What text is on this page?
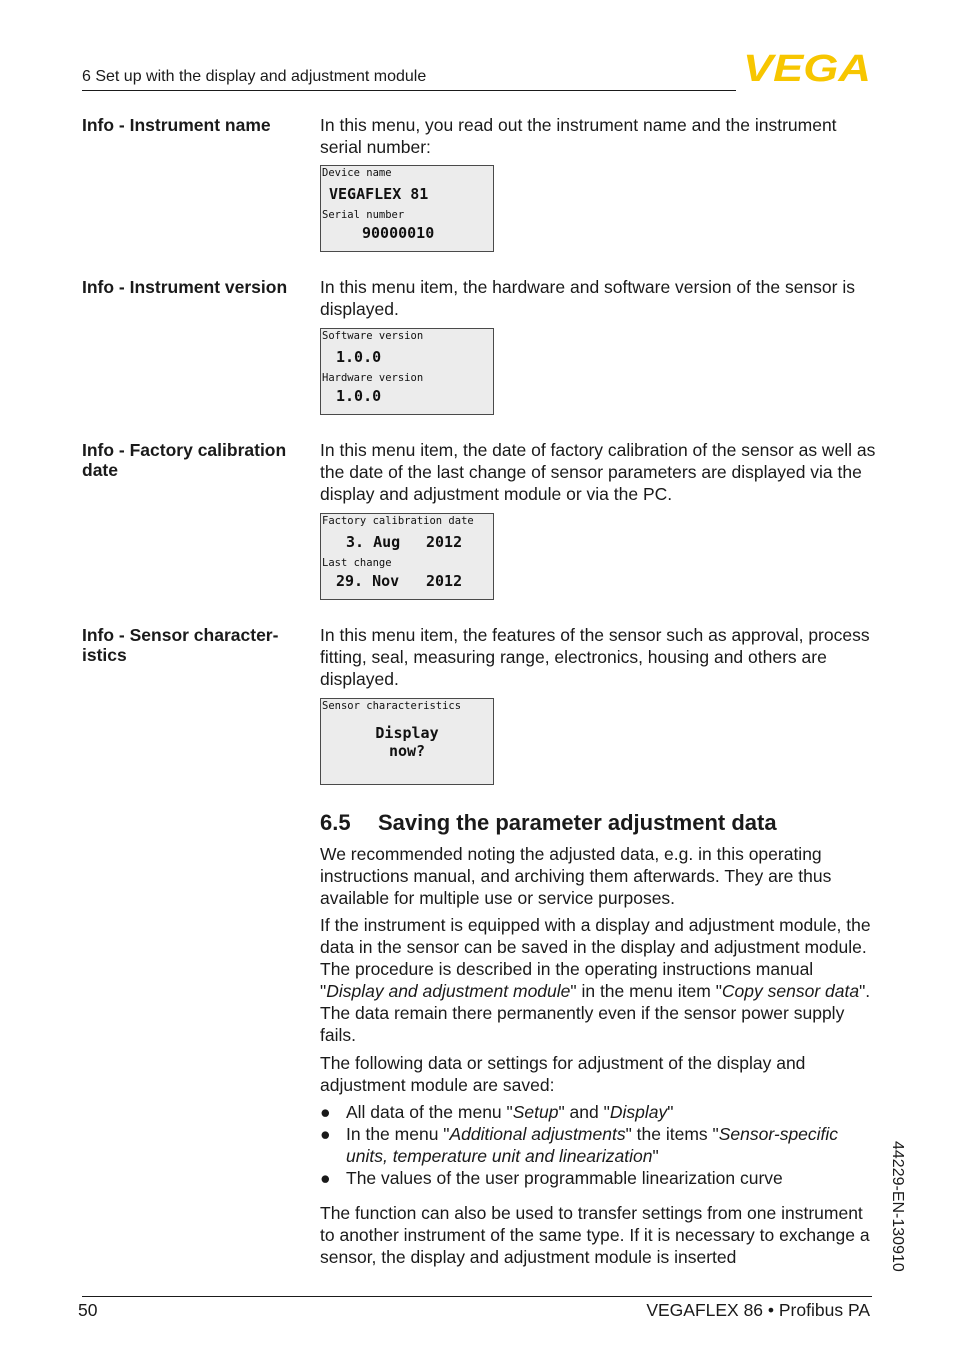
6 Set up with the display and adjustment module	VEGA
Info - Instrument name	In this menu, you read out the instrument name and the instrument serial number:

Device name
VEGAFLEX 81
Serial number
90000010
Info - Instrument version	In this menu item, the hardware and software version of the sensor is displayed.

Software version
1.0.0
Hardware version
1.0.0
Info - Factory calibration
date

In this menu item, the date of factory calibration of the sensor as well as the date of the last change of sensor parameters are displayed via the display and adjustment module or via the PC.

Factory calibration date
3. Aug 2012
Last change
29. Nov 2012
Info - Sensor character-
istics

In this menu item, the features of the sensor such as approval, process fitting, seal, measuring range, electronics, housing and others are displayed.

Sensor characteristics
Display
now?
6.5 Saving the parameter adjustment data

We recommended noting the adjusted data, e.g. in this operating instructions manual, and archiving them afterwards. They are thus available for multiple use or service purposes.

If the instrument is equipped with a display and adjustment module, the data in the sensor can be saved in the display and adjustment module. The procedure is described in the operating instructions manual "Display and adjustment module" in the menu item "Copy sensor data". The data remain there permanently even if the sensor power supply fails.

The following data or settings for adjustment of the display and adjustment module are saved:

● All data of the menu "Setup" and "Display"
● In the menu "Additional adjustments" the items "Sensor-specific units, temperature unit and linearization"
● The values of the user programmable linearization curve

The function can also be used to transfer settings from one instrument to another instrument of the same type. If it is necessary to exchange a sensor, the display and adjustment module is inserted	44229-EN-130910
50	VEGAFLEX 86 • Profibus PA
